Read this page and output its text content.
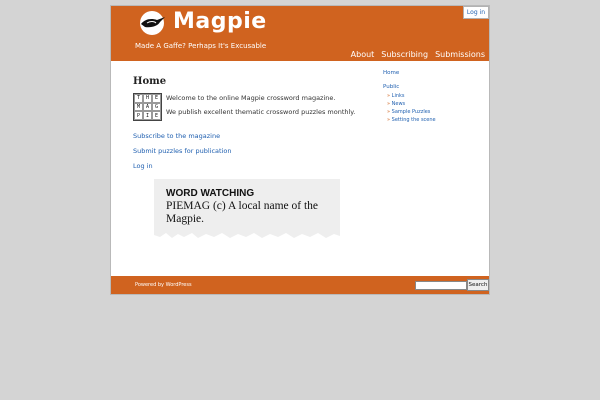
Log in
Magpie
Made A Gaffe? Perhaps It's Excusable
About Subscribing Submissions
Home
T	H	E
M	A	G
P	I	E
Welcome to the online Magpie crossword magazine.
We publish excellent thematic crossword puzzles monthly.
Subscribe to the magazine
Submit puzzles for publication
Log in
WORD WATCHING
PIEMAG (c) A local name of the Magpie.
Home
Public
» Links
» News
» Sample Puzzles
» Setting the scene
Powered by WordPress	Search
